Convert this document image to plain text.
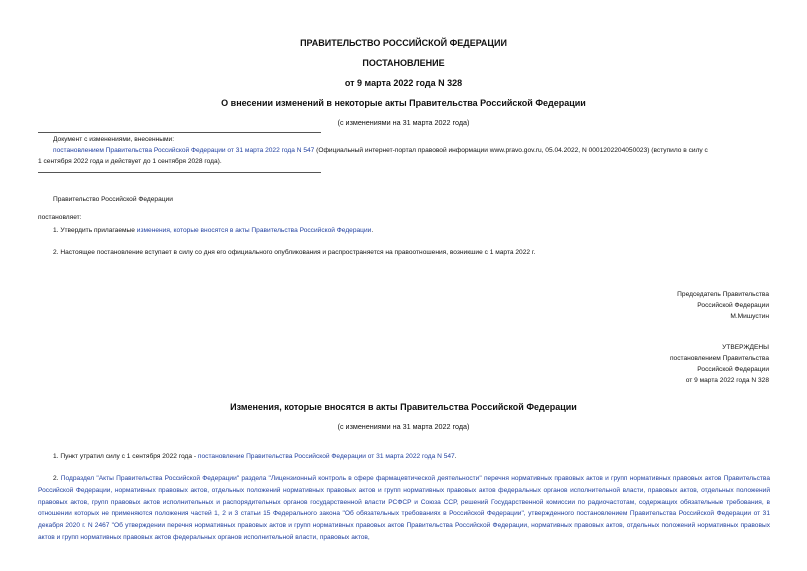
ПРАВИТЕЛЬСТВО РОССИЙСКОЙ ФЕДЕРАЦИИ
ПОСТАНОВЛЕНИЕ
от 9 марта 2022 года N 328
О внесении изменений в некоторые акты Правительства Российской Федерации
(с изменениями на 31 марта 2022 года)
Документ с изменениями, внесенными:
постановлением Правительства Российской Федерации от 31 марта 2022 года N 547 (Официальный интернет-портал правовой информации www.pravo.gov.ru, 05.04.2022, N 0001202204050023) (вступило в силу с
1 сентября 2022 года и действует до 1 сентября 2028 года).
Правительство Российской Федерации
постановляет:
1. Утвердить прилагаемые изменения, которые вносятся в акты Правительства Российской Федерации.
2. Настоящее постановление вступает в силу со дня его официального опубликования и распространяется на правоотношения, возникшие с 1 марта 2022 г.
Председатель Правительства
Российской Федерации
М.Мишустин
УТВЕРЖДЕНЫ
постановлением Правительства
Российской Федерации
от 9 марта 2022 года N 328
Изменения, которые вносятся в акты Правительства Российской Федерации
(с изменениями на 31 марта 2022 года)
1. Пункт утратил силу с 1 сентября 2022 года - постановление Правительства Российской Федерации от 31 марта 2022 года N 547.
2. Подраздел "Акты Правительства Российской Федерации" раздела "Лицензионный контроль в сфере фармацевтической деятельности" перечня нормативных правовых актов и групп нормативных правовых актов Правительства Российской Федерации, нормативных правовых актов, отдельных положений нормативных правовых актов и групп нормативных правовых актов федеральных органов исполнительной власти, правовых актов, отдельных положений правовых актов, групп правовых актов исполнительных и распорядительных органов государственной власти РСФСР и Союза ССР, решений Государственной комиссии по радиочастотам, содержащих обязательные требования, в отношении которых не применяются положения частей 1, 2 и 3 статьи 15 Федерального закона "Об обязательных требованиях в Российской Федерации", утвержденного постановлением Правительства Российской Федерации от 31 декабря 2020 г. N 2467 "Об утверждении перечня нормативных правовых актов и групп нормативных правовых актов Правительства Российской Федерации, нормативных правовых актов, отдельных положений нормативных правовых актов и групп нормативных правовых актов федеральных органов исполнительной власти, правовых актов,
